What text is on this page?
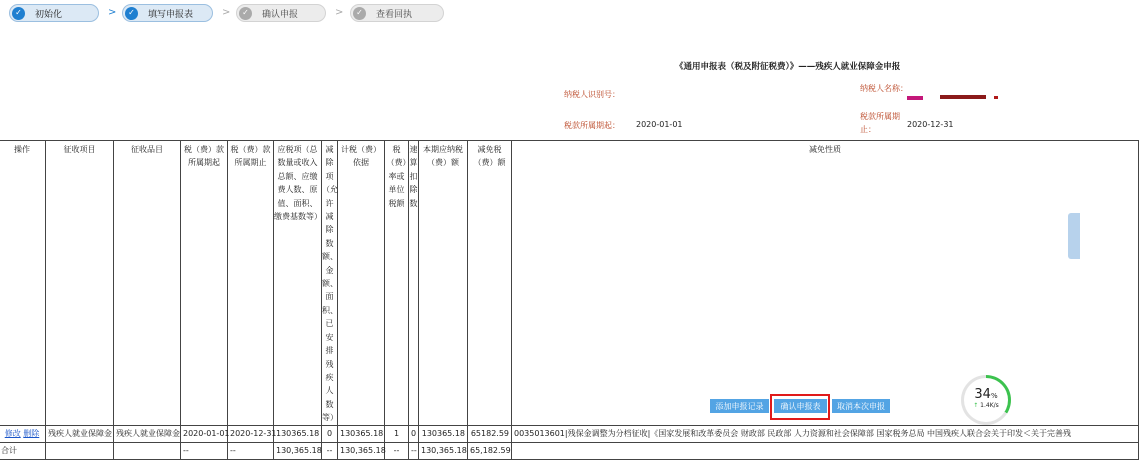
✓	初始化	>	✓	填写申报表	>	✓	确认申报	>	✓	查看回执
《通用申报表（税及附征税费）》——残疾人就业保障金申报
纳税人识别号：
纳税人名称：
税款所属期起： 2020-01-01
税款所属期止：
2020-12-31
操作	征收项目	征收品目	税（费）款所属期起	税（费）款所属期止	应税项（总数量或收入总额、应缴费人数、原值、面积、缴费基数等）	减除项（允许减除数额、金额、面积、已安排残疾人数等）	计税（费）依据	税（费）率或单位税额	速算扣除数	本期应纳税（费）额	减免税（费）额	减免性质
修改 删除	残疾人就业保障金	残疾人就业保障金	2020-01-01	2020-12-31	130365.18	0	130365.18	1	0	130365.18	65182.59	0035013601|残保金调整为分档征收|《国家发展和改革委员会 财政部 民政部 人力资源和社会保障部 国家税务总局 中国残疾人联合会关于印发＜关于完善残
合计			--	--	130,365.18	--	130,365.18	--	--	130,365.18	65,182.59	
添加申报记录	确认申报表	取消本次申报
34%
↑ 1.4K/s
